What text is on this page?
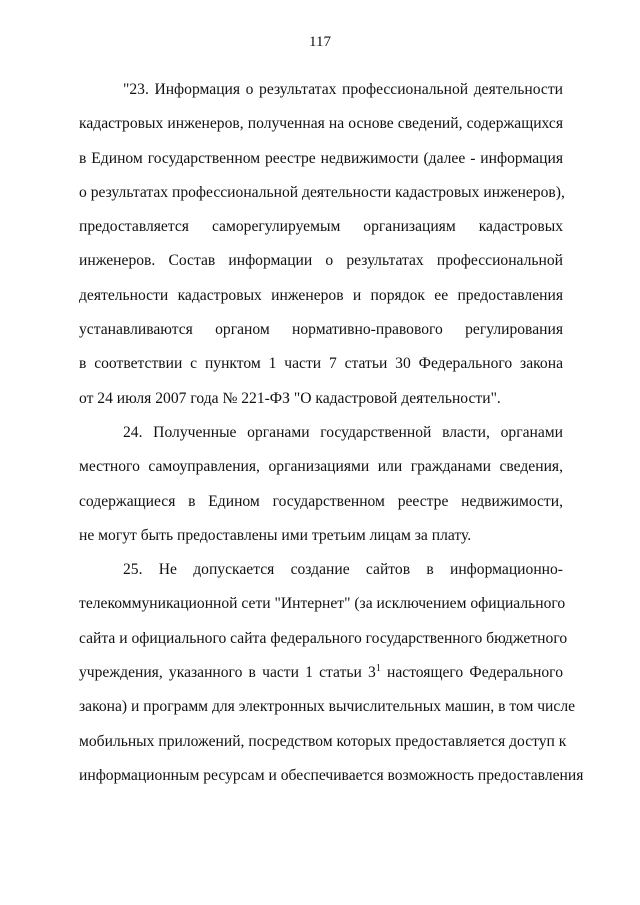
117

"23. Информация о результатах профессиональной деятельности
кадастровых инженеров, полученная на основе сведений, содержащихся
в Едином государственном реестре недвижимости (далее - информация
о результатах профессиональной деятельности кадастровых инженеров),
предоставляется саморегулируемым организациям кадастровых
инженеров. Состав информации о результатах профессиональной
деятельности кадастровых инженеров и порядок ее предоставления
устанавливаются органом нормативно-правового регулирования
в соответствии с пунктом 1 части 7 статьи 30 Федерального закона
от 24 июля 2007 года № 221-ФЗ "О кадастровой деятельности".

24. Полученные органами государственной власти, органами
местного самоуправления, организациями или гражданами сведения,
содержащиеся в Едином государственном реестре недвижимости,
не могут быть предоставлены ими третьим лицам за плату.

25. Не допускается создание сайтов в информационно-
телекоммуникационной сети "Интернет" (за исключением официального
сайта и официального сайта федерального государственного бюджетного
учреждения, указанного в части 1 статьи $3^1$ настоящего Федерального
закона) и программ для электронных вычислительных машин, в том числе
мобильных приложений, посредством которых предоставляется доступ к
информационным ресурсам и обеспечивается возможность предоставления
